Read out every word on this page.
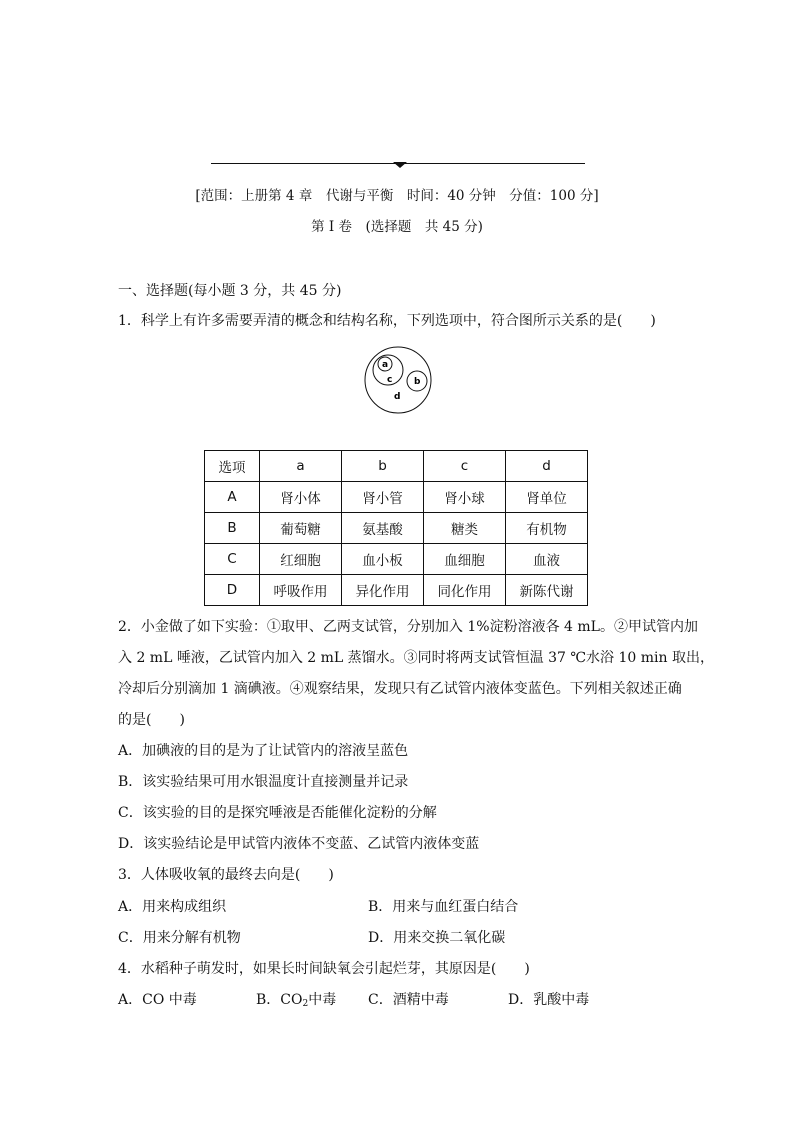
[范围：上册第 4 章　代谢与平衡　时间：40 分钟　分值：100 分]
第 I 卷　(选择题　共 45 分)
一、选择题(每小题 3 分，共 45 分)
1．科学上有许多需要弄清的概念和结构名称，下列选项中，符合图所示关系的是(　　)
a
b
c
d
选项	a	b	c	d
A	肾小体	肾小管	肾小球	肾单位
B	葡萄糖	氨基酸	糖类	有机物
C	红细胞	血小板	血细胞	血液
D	呼吸作用	异化作用	同化作用	新陈代谢
2．小金做了如下实验：①取甲、乙两支试管，分别加入 1%淀粉溶液各 4 mL。②甲试管内加
入 2 mL 唾液，乙试管内加入 2 mL 蒸馏水。③同时将两支试管恒温 37 ℃水浴 10 min 取出，
冷却后分别滴加 1 滴碘液。④观察结果，发现只有乙试管内液体变蓝色。下列相关叙述正确
的是(　　)
A．加碘液的目的是为了让试管内的溶液呈蓝色
B．该实验结果可用水银温度计直接测量并记录
C．该实验的目的是探究唾液是否能催化淀粉的分解
D．该实验结论是甲试管内液体不变蓝、乙试管内液体变蓝
3．人体吸收氧的最终去向是(　　)
A．用来构成组织	B．用来与血红蛋白结合
C．用来分解有机物	D．用来交换二氧化碳
4．水稻种子萌发时，如果长时间缺氧会引起烂芽，其原因是(　　)
A．CO 中毒	B．$CO_2$中毒 C．酒精中毒	D．乳酸中毒
